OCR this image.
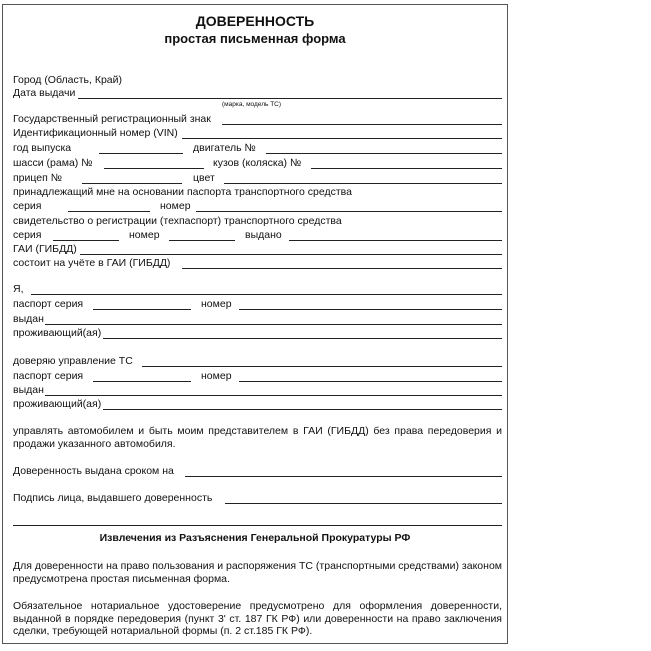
ДОВЕРЕННОСТЬ
простая письменная форма
Город (Область, Край)
Дата выдачи
(марка, модель ТС)
Государственный регистрационный знак
Идентификационный номер (VIN)
год выпуска	двигатель №
шасси (рама) №	кузов (коляска) №
прицеп №	цвет
принадлежащий мне на основании паспорта транспортного средства
серия	номер
свидетельство о регистрации (техпаспорт) транспортного средства
серия	номер	выдано
ГАИ (ГИБДД)
состоит на учёте в ГАИ (ГИБДД)
Я,
паспорт серия	номер
выдан
проживающий(ая)
доверяю управление ТС
паспорт серия	номер
выдан
проживающий(ая)
управлять автомобилем и быть моим представителем в ГАИ (ГИБДД) без права передоверия и продажи указанного автомобиля.
Доверенность выдана сроком на
Подпись лица, выдавшего доверенность
Извлечения из Разъяснения Генеральной Прокуратуры РФ
Для доверенности на право пользования и распоряжения ТС (транспортными средствами) законом предусмотрена простая письменная форма.
Обязательное нотариальное удостоверение предусмотрено для оформления доверенности, выданной в порядке передоверия (пункт 3' ст. 187 ГК РФ) или доверенности на право заключения сделки, требующей нотариальной формы (п. 2 ст.185 ГК РФ).
